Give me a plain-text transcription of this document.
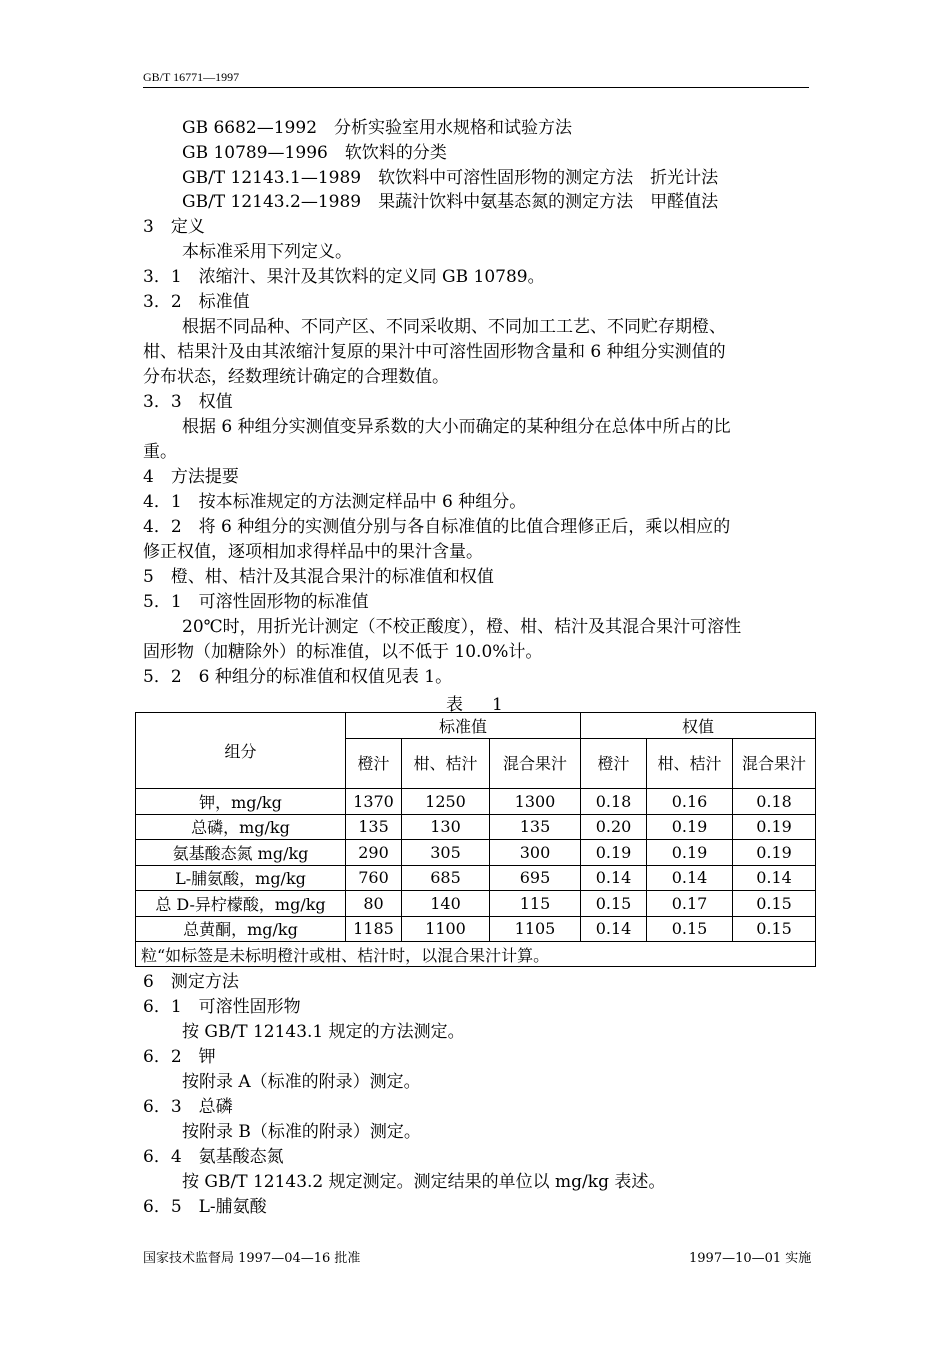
GB/T 16771—1997
GB 6682—1992　分析实验室用水规格和试验方法
GB 10789—1996　软饮料的分类
GB/T 12143.1—1989　软饮料中可溶性固形物的测定方法　折光计法
GB/T 12143.2—1989　果蔬汁饮料中氨基态氮的测定方法　甲醛值法
3　定义
本标准采用下列定义。
3．1　浓缩汁、果汁及其饮料的定义同 GB 10789。
3．2　标准值
根据不同品种、不同产区、不同采收期、不同加工工艺、不同贮存期橙、
柑、桔果汁及由其浓缩汁复原的果汁中可溶性固形物含量和 6 种组分实测值的
分布状态，经数理统计确定的合理数值。
3．3　权值
根据 6 种组分实测值变异系数的大小而确定的某种组分在总体中所占的比
重。
4　方法提要
4．1　按本标准规定的方法测定样品中 6 种组分。
4．2　将 6 种组分的实测值分别与各自标准值的比值合理修正后，乘以相应的
修正权值，逐项相加求得样品中的果汁含量。
5　橙、柑、桔汁及其混合果汁的标准值和权值
5．1　可溶性固形物的标准值
20℃时，用折光计测定（不校正酸度），橙、柑、桔汁及其混合果汁可溶性
固形物（加糖除外）的标准值，以不低于 10.0%计。
5．2　6 种组分的标准值和权值见表 1。
表　1
组分	标准值			权值		
	橙汁	柑、桔汁	混合果汁	橙汁	柑、桔汁	混合果汁
钾，mg/kg	1370	1250	1300	0.18	0.16	0.18
总磷，mg/kg	135	130	135	0.20	0.19	0.19
氨基酸态氮 mg/kg	290	305	300	0.19	0.19	0.19
L-脯氨酸，mg/kg	760	685	695	0.14	0.14	0.14
总 D-异柠檬酸，mg/kg	80	140	115	0.15	0.17	0.15
总黄酮，mg/kg	1185	1100	1105	0.14	0.15	0.15
粒“如标签是未标明橙汁或柑、桔汁时，以混合果汁计算。						
6　测定方法
6．1　可溶性固形物
按 GB/T 12143.1 规定的方法测定。
6．2　钾
按附录 A（标准的附录）测定。
6．3　总磷
按附录 B（标准的附录）测定。
6．4　氨基酸态氮
按 GB/T 12143.2 规定测定。测定结果的单位以 mg/kg 表述。
6．5　L-脯氨酸
国家技术监督局 1997—04—16 批准	1997—10—01 实施
